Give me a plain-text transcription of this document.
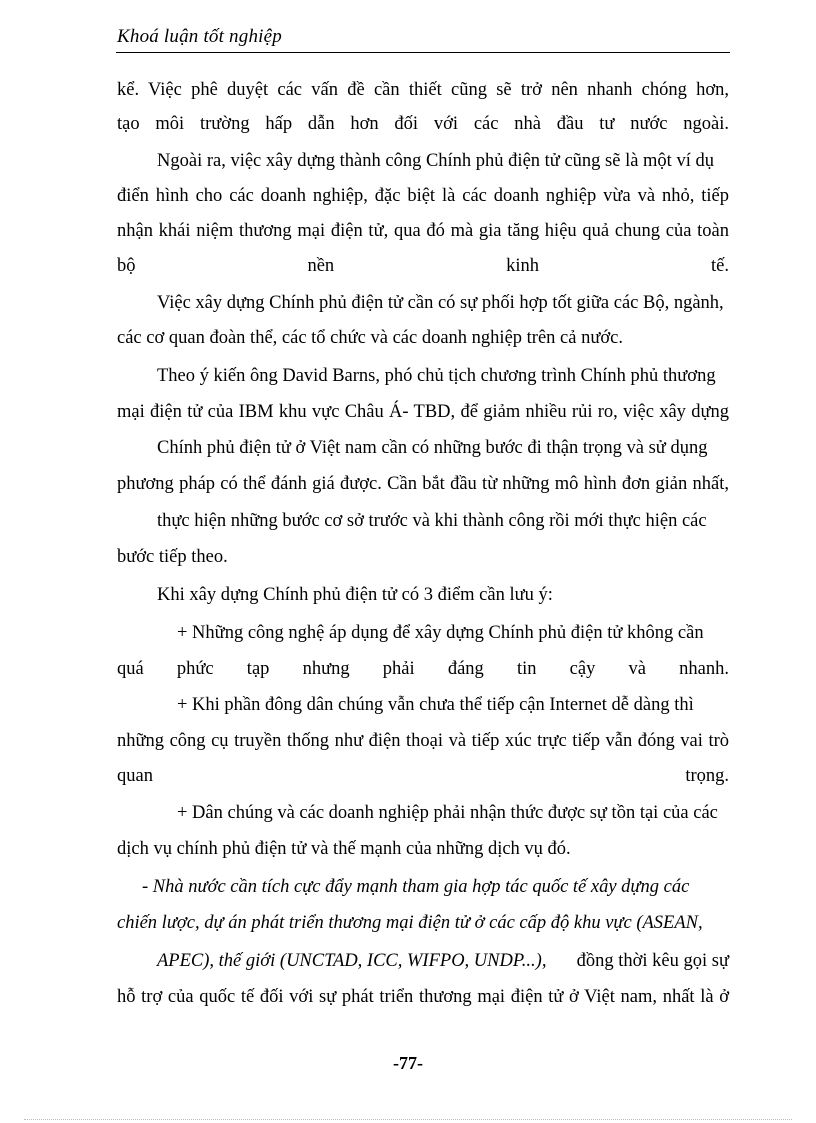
Khoá luận tốt nghiệp
kể. Việc phê duyệt các vấn đề cần thiết cũng sẽ trở nên nhanh chóng hơn,
tạo môi trường hấp dẫn hơn đối với các nhà đầu tư nước ngoài.
Ngoài ra, việc xây dựng thành công Chính phủ điện tử cũng sẽ là một ví dụ
điển hình cho các doanh nghiệp, đặc biệt là các doanh nghiệp vừa và nhỏ, tiếp
nhận khái niệm thương mại điện tử, qua đó mà gia tăng hiệu quả chung của toàn
bộ nền kinh tế.
Việc xây dựng Chính phủ điện tử cần có sự phối hợp tốt giữa các Bộ, ngành,
các cơ quan đoàn thể, các tổ chức và các doanh nghiệp trên cả nước.
Theo ý kiến ông David Barns, phó chủ tịch chương trình Chính phủ thương
mại điện tử của IBM khu vực Châu Á- TBD, để giảm nhiều rủi ro, việc xây dựng
Chính phủ điện tử ở Việt nam cần có những bước đi thận trọng và sử dụng
phương pháp có thể đánh giá được. Cần bắt đầu từ những mô hình đơn giản nhất,
thực hiện những bước cơ sở trước và khi thành công rồi mới thực hiện các
bước tiếp theo.
Khi xây dựng Chính phủ điện tử có 3 điểm cần lưu ý:
+ Những công nghệ áp dụng để xây dựng Chính phủ điện tử không cần
quá phức tạp nhưng phải đáng tin cậy và nhanh.
+ Khi phần đông dân chúng vẫn chưa thể tiếp cận Internet dễ dàng thì
những công cụ truyền thống như điện thoại và tiếp xúc trực tiếp vẫn đóng vai trò
quan trọng.
+ Dân chúng và các doanh nghiệp phải nhận thức được sự tồn tại của các
dịch vụ chính phủ điện tử và thế mạnh của những dịch vụ đó.
- Nhà nước cần tích cực đẩy mạnh tham gia hợp tác quốc tế xây dựng các
chiến lược, dự án phát triển thương mại điện tử ở các cấp độ khu vực (ASEAN,
APEC), thế giới (UNCTAD, ICC, WIFPO, UNDP...), đồng thời kêu gọi sự
hỗ trợ của quốc tế đối với sự phát triển thương mại điện tử ở Việt nam, nhất là ở
-77-
